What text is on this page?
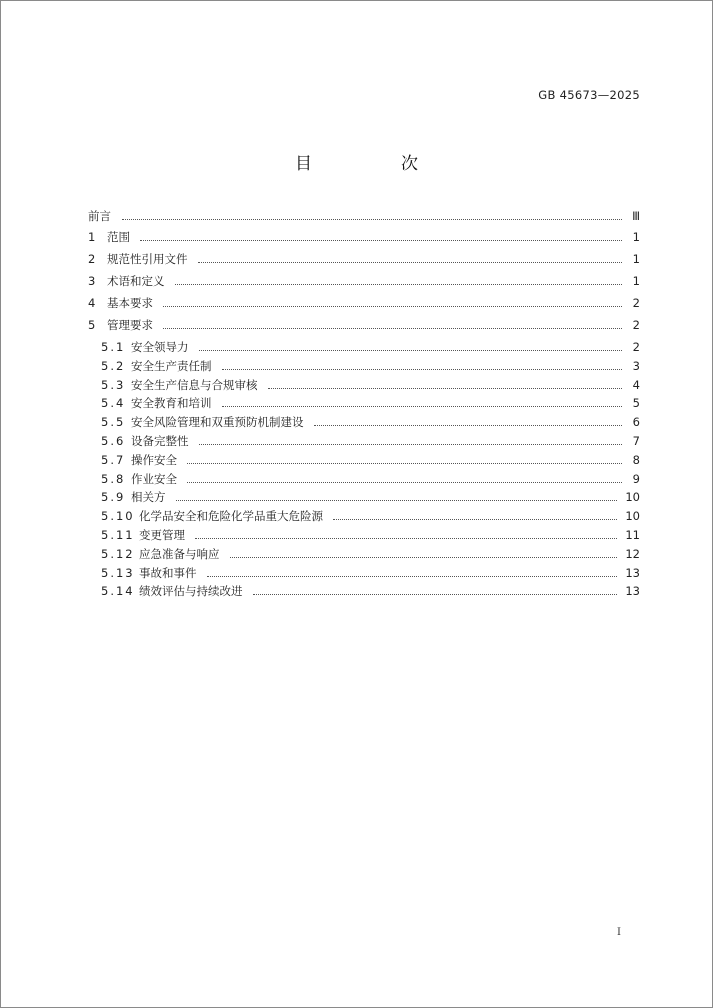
GB 45673—2025
目　次
前言	Ⅲ
1 范围	1
2 规范性引用文件	1
3 术语和定义	1
4 基本要求	2
5 管理要求	2
5.1 安全领导力	2
5.2 安全生产责任制	3
5.3 安全生产信息与合规审核	4
5.4 安全教育和培训	5
5.5 安全风险管理和双重预防机制建设	6
5.6 设备完整性	7
5.7 操作安全	8
5.8 作业安全	9
5.9 相关方	10
5.10 化学品安全和危险化学品重大危险源	10
5.11 变更管理	11
5.12 应急准备与响应	12
5.13 事故和事件	13
5.14 绩效评估与持续改进	13
I
